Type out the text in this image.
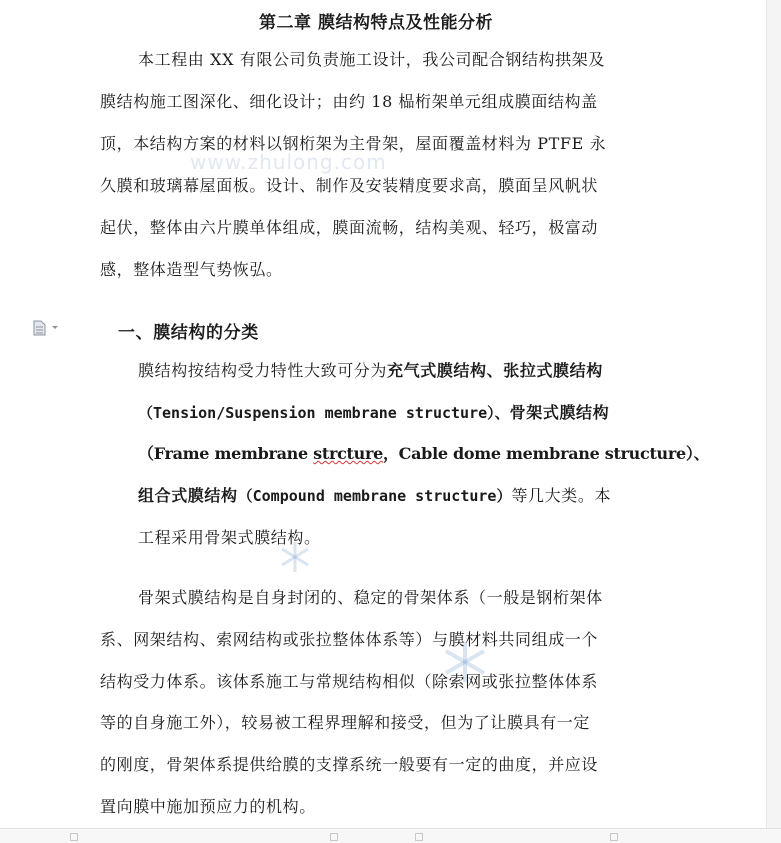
www.zhulong.com
第二章 膜结构特点及性能分析
本工程由 XX 有限公司负责施工设计，我公司配合钢结构拱架及
膜结构施工图深化、细化设计；由约 18 榀桁架单元组成膜面结构盖
顶，本结构方案的材料以钢桁架为主骨架，屋面覆盖材料为 PTFE 永
久膜和玻璃幕屋面板。设计、制作及安装精度要求高，膜面呈风帆状
起伏，整体由六片膜单体组成，膜面流畅，结构美观、轻巧，极富动
感，整体造型气势恢弘。
一、膜结构的分类
膜结构按结构受力特性大致可分为充气式膜结构、张拉式膜结构
（Tension/Suspension membrane structure）、骨架式膜结构
（Frame membrane strcture，Cable dome membrane structure）、
组合式膜结构（Compound membrane structure）等几大类。本
工程采用骨架式膜结构。
骨架式膜结构是自身封闭的、稳定的骨架体系（一般是钢桁架体
系、网架结构、索网结构或张拉整体体系等）与膜材料共同组成一个
结构受力体系。该体系施工与常规结构相似（除索网或张拉整体体系
等的自身施工外），较易被工程界理解和接受，但为了让膜具有一定
的刚度，骨架体系提供给膜的支撑系统一般要有一定的曲度，并应设
置向膜中施加预应力的机构。
